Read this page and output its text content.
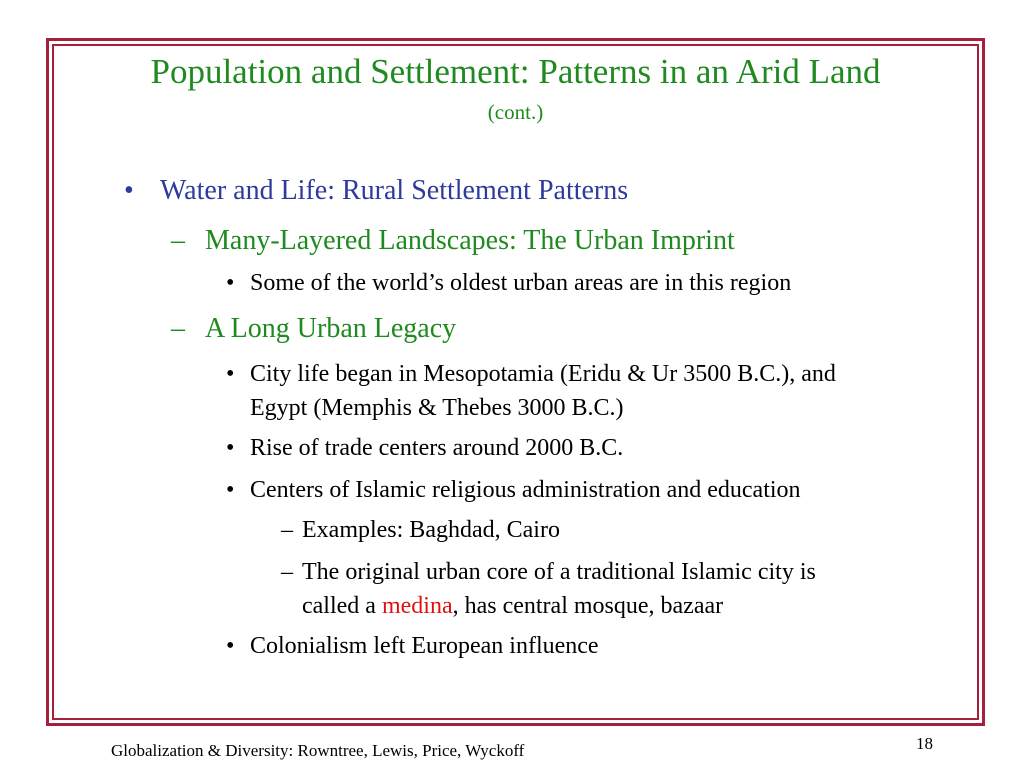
Population and Settlement: Patterns in an Arid Land
(cont.)
• Water and Life: Rural Settlement Patterns
– Many-Layered Landscapes: The Urban Imprint
• Some of the world’s oldest urban areas are in this region
– A Long Urban Legacy
• City life began in Mesopotamia (Eridu & Ur 3500 B.C.), and
Egypt (Memphis & Thebes 3000 B.C.)
• Rise of trade centers around 2000 B.C.
• Centers of Islamic religious administration and education
– Examples: Baghdad, Cairo
– The original urban core of a traditional Islamic city is
called a medina, has central mosque, bazaar
• Colonialism left European influence
Globalization & Diversity: Rowntree, Lewis, Price, Wyckoff	18
